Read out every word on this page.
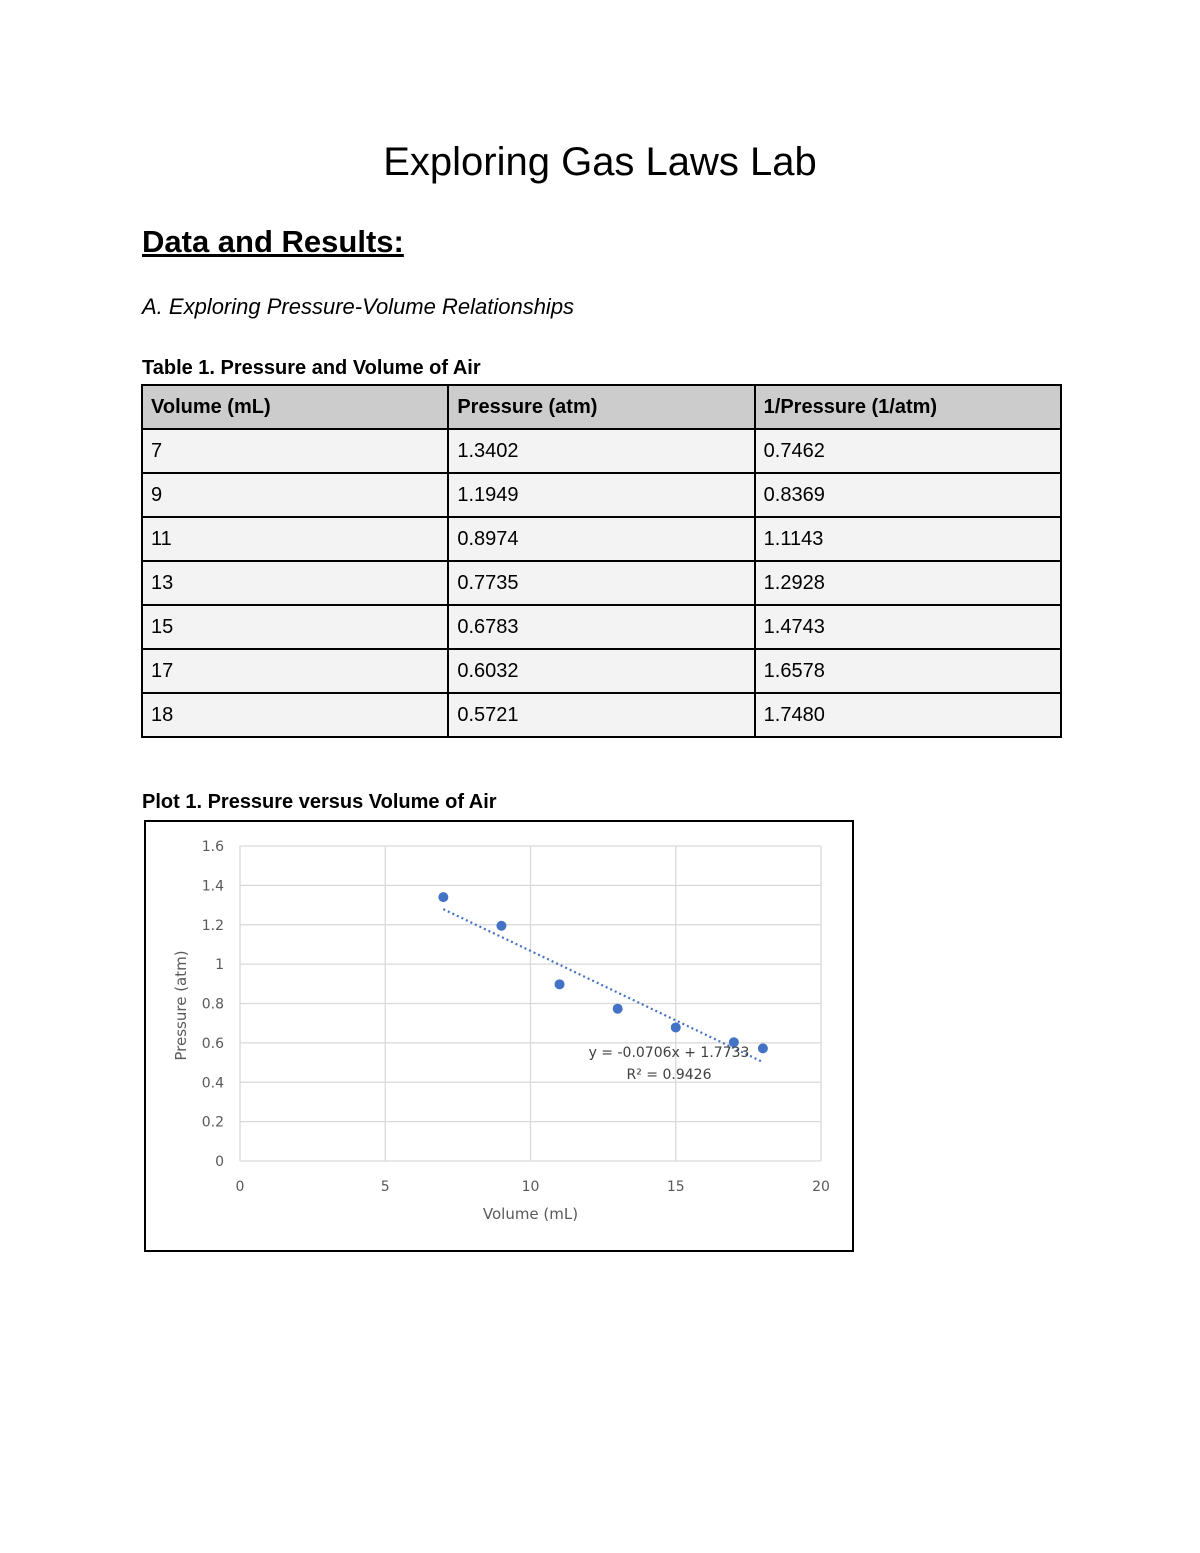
Exploring Gas Laws Lab
Data and Results:

A. Exploring Pressure-Volume Relationships

Table 1. Pressure and Volume of Air

Volume (mL)	Pressure (atm)	1/Pressure (1/atm)
7	1.3402	0.7462
9	1.1949	0.8369
11	0.8974	1.1143
13	0.7735	1.2928
15	0.6783	1.4743
17	0.6032	1.6578
18	0.5721	1.7480

Plot 1. Pressure versus Volume of Air

0
0.2
0.4
0.6
0.8
1
1.2
1.4
1.6
0	5	10	15	20
Volume (mL)
Pressure (atm)	y = -0.0706x + 1.7733
R² = 0.9426
